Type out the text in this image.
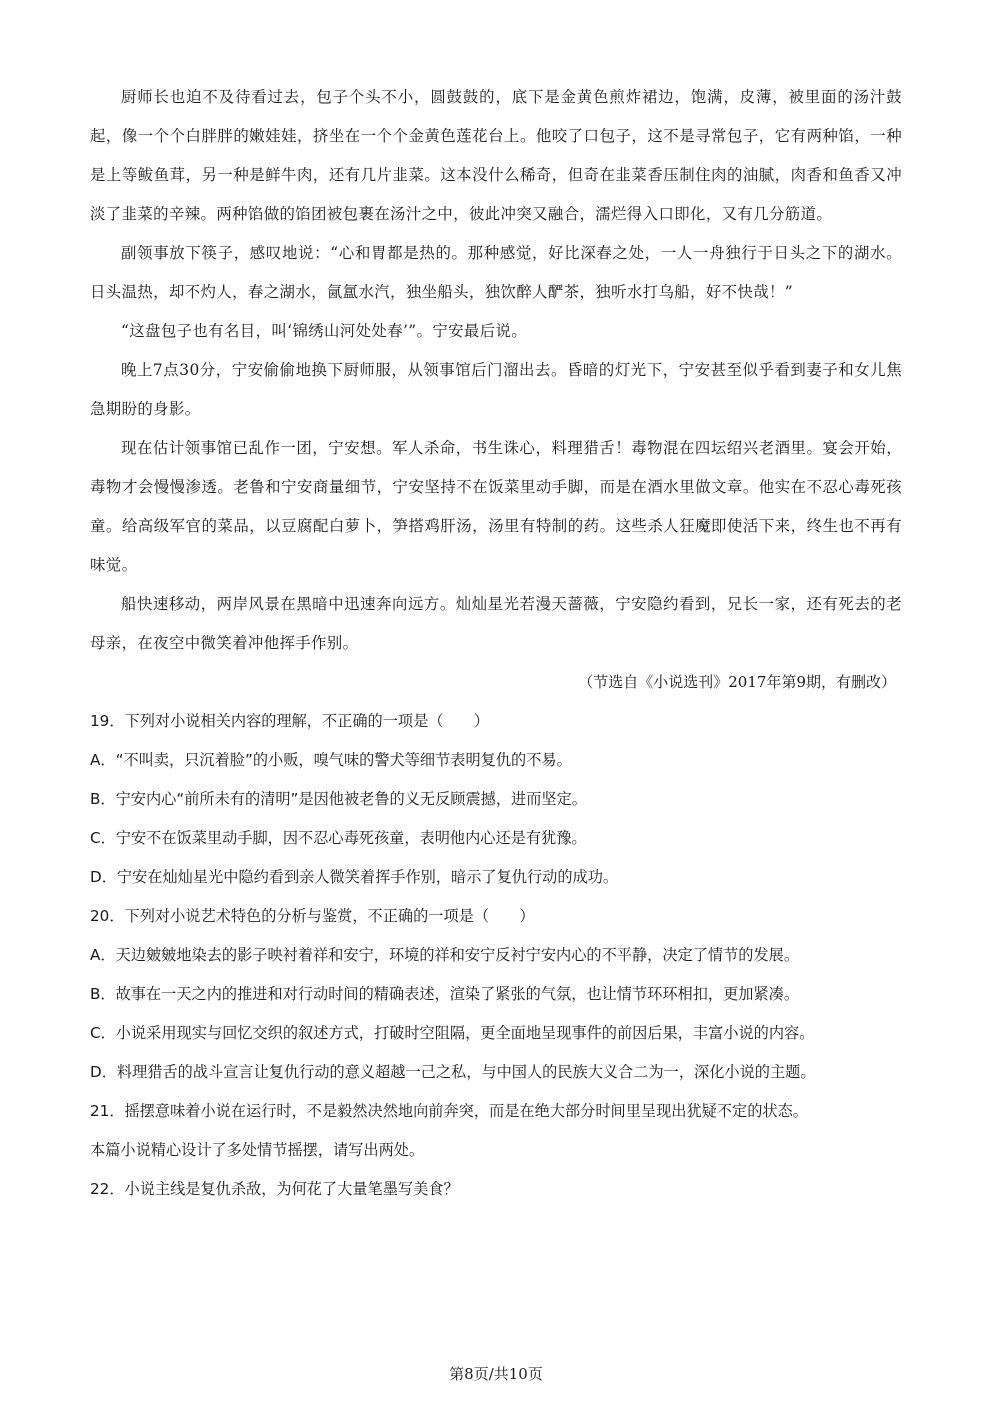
厨师长也迫不及待看过去，包子个头不小，圆鼓鼓的，底下是金黄色煎炸裙边，饱满，皮薄，被里面的汤汁鼓起，像一个个白胖胖的嫩娃娃，挤坐在一个个金黄色莲花台上。他咬了口包子，这不是寻常包子，它有两种馅，一种是上等鲅鱼茸，另一种是鲜牛肉，还有几片韭菜。这本没什么稀奇，但奇在韭菜香压制住肉的油腻，肉香和鱼香又冲淡了韭菜的辛辣。两种馅做的馅团被包裹在汤汁之中，彼此冲突又融合，濡烂得入口即化，又有几分筋道。

副领事放下筷子，感叹地说：“心和胃都是热的。那种感觉，好比深春之处，一人一舟独行于日头之下的湖水。日头温热，却不灼人，春之湖水，氤氲水汽，独坐船头，独饮醉人酽茶，独听水打乌船，好不快哉！”

“这盘包子也有名目，叫‘锦绣山河处处春’”。宁安最后说。

晚上7点30分，宁安偷偷地换下厨师服，从领事馆后门溜出去。昏暗的灯光下，宁安甚至似乎看到妻子和女儿焦急期盼的身影。

现在估计领事馆已乱作一团，宁安想。军人杀命，书生诛心，料理猎舌！毒物混在四坛绍兴老酒里。宴会开始，毒物才会慢慢渗透。老鲁和宁安商量细节，宁安坚持不在饭菜里动手脚，而是在酒水里做文章。他实在不忍心毒死孩童。给高级军官的菜品，以豆腐配白萝卜，笋搭鸡肝汤，汤里有特制的药。这些杀人狂魔即使活下来，终生也不再有味觉。

船快速移动，两岸风景在黑暗中迅速奔向远方。灿灿星光若漫天蔷薇，宁安隐约看到，兄长一家，还有死去的老母亲，在夜空中微笑着冲他挥手作别。

（节选自《小说选刊》2017年第9期，有删改）

19．下列对小说相关内容的理解，不正确的一项是（　　）

A．“不叫卖，只沉着脸”的小贩，嗅气味的警犬等细节表明复仇的不易。

B．宁安内心“前所未有的清明”是因他被老鲁的义无反顾震撼，进而坚定。

C．宁安不在饭菜里动手脚，因不忍心毒死孩童，表明他内心还是有犹豫。

D．宁安在灿灿星光中隐约看到亲人微笑着挥手作别，暗示了复仇行动的成功。

20．下列对小说艺术特色的分析与鉴赏，不正确的一项是（　　）

A．天边皴皴地染去的影子映衬着祥和安宁，环境的祥和安宁反衬宁安内心的不平静，决定了情节的发展。

B．故事在一天之内的推进和对行动时间的精确表述，渲染了紧张的气氛，也让情节环环相扣，更加紧凑。

C．小说采用现实与回忆交织的叙述方式，打破时空阻隔，更全面地呈现事件的前因后果，丰富小说的内容。

D．料理猎舌的战斗宣言让复仇行动的意义超越一己之私，与中国人的民族大义合二为一，深化小说的主题。

21．摇摆意味着小说在运行时，不是毅然决然地向前奔突，而是在绝大部分时间里呈现出犹疑不定的状态。

本篇小说精心设计了多处情节摇摆，请写出两处。

22．小说主线是复仇杀敌，为何花了大量笔墨写美食？

第8页/共10页
